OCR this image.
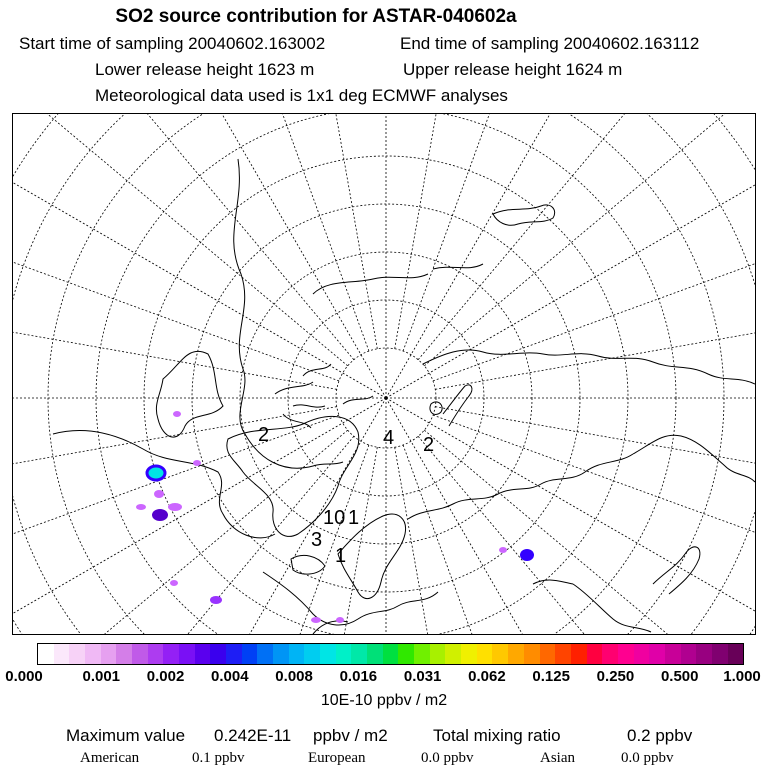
SO2 source contribution for ASTAR-040602a
Start time of sampling 20040602.163002	End time of sampling 20040602.163112
Lower release height 1623 m	Upper release height 1624 m
Meteorological data used is 1x1 deg ECMWF analyses
2	4 2
10 1
3
1
0.000	0.001 0.002 0.004 0.008 0.016 0.031 0.062 0.125 0.250 0.500 1.000
10E-10 ppbv / m2
Maximum value 0.242E-11 ppbv / m2	Total mixing ratio	0.2 ppbv
American	0.1 ppbv	European	0.0 ppbv	Asian	0.0 ppbv
